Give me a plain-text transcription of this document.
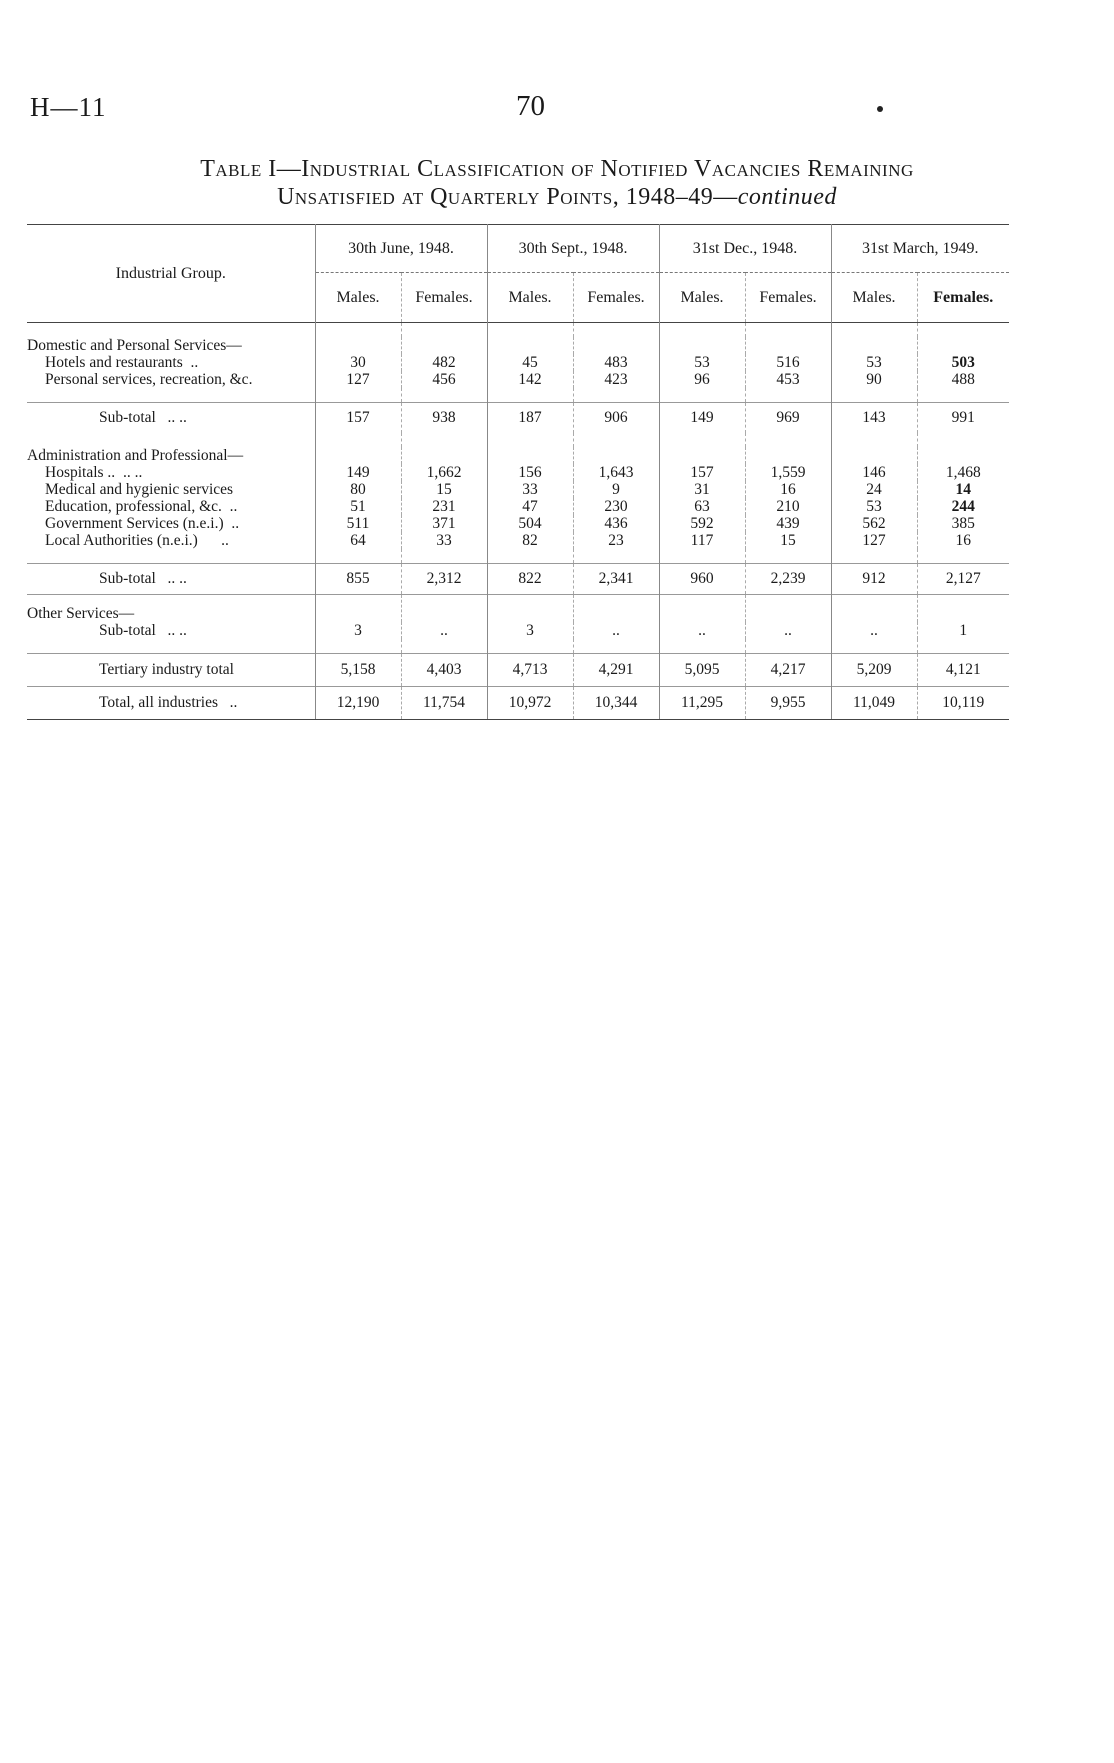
H—11	70
Table I—Industrial Classification of Notified Vacancies Remaining
Unsatisfied at Quarterly Points, 1948–49—continued
Industrial Group.	30th June, 1948.		30th Sept., 1948.		31st Dec., 1948.		31st March, 1949.	
	Males.	Females.	Males.	Females.	Males.	Females.	Males.	Females.

Domestic and Personal Services—								
Hotels and restaurants ..	30	482	45	483	53	516	53	503
Personal services, recreation, &c.	127	456	142	423	96	453	90	488

Sub-total .. ..	157	938	187	906	149	969	143	991

Administration and Professional—								
Hospitals .. .. ..	149	1,662	156	1,643	157	1,559	146	1,468
Medical and hygienic services	80	15	33	9	31	16	24	14
Education, professional, &c. ..	51	231	47	230	63	210	53	244
Government Services (n.e.i.) ..	511	371	504	436	592	439	562	385
Local Authorities (n.e.i.) ..	64	33	82	23	117	15	127	16

Sub-total .. ..	855	2,312	822	2,341	960	2,239	912	2,127
Other Services—								
Sub-total .. ..	3	..	3	..	..	..	..	1

Tertiary industry total	5,158	4,403	4,713	4,291	5,095	4,217	5,209	4,121
Total, all industries ..	12,190	11,754	10,972	10,344	11,295	9,955	11,049	10,119
